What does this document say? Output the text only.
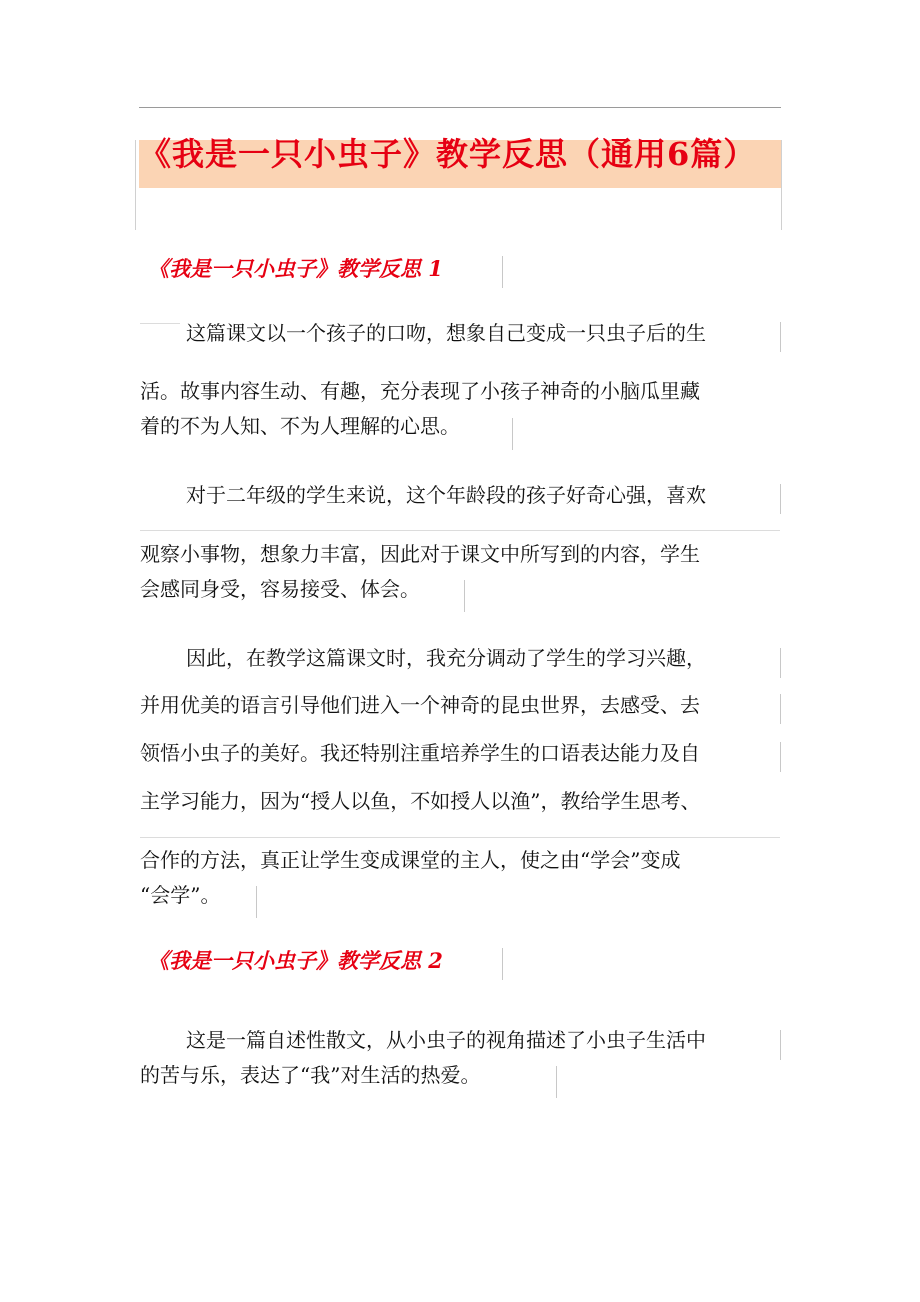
《我是一只小虫子》教学反思（通用6篇）
《我是一只小虫子》教学反思 1

这篇课文以一个孩子的口吻，想象自己变成一只虫子后的生

活。故事内容生动、有趣，充分表现了小孩子神奇的小脑瓜里藏

着的不为人知、不为人理解的心思。

对于二年级的学生来说，这个年龄段的孩子好奇心强，喜欢

观察小事物，想象力丰富，因此对于课文中所写到的内容，学生

会感同身受，容易接受、体会。

因此，在教学这篇课文时，我充分调动了学生的学习兴趣，

并用优美的语言引导他们进入一个神奇的昆虫世界，去感受、去

领悟小虫子的美好。我还特别注重培养学生的口语表达能力及自

主学习能力，因为“授人以鱼，不如授人以渔”，教给学生思考、

合作的方法，真正让学生变成课堂的主人，使之由“学会”变成

“会学”。

《我是一只小虫子》教学反思 2

这是一篇自述性散文，从小虫子的视角描述了小虫子生活中

的苦与乐，表达了“我”对生活的热爱。
